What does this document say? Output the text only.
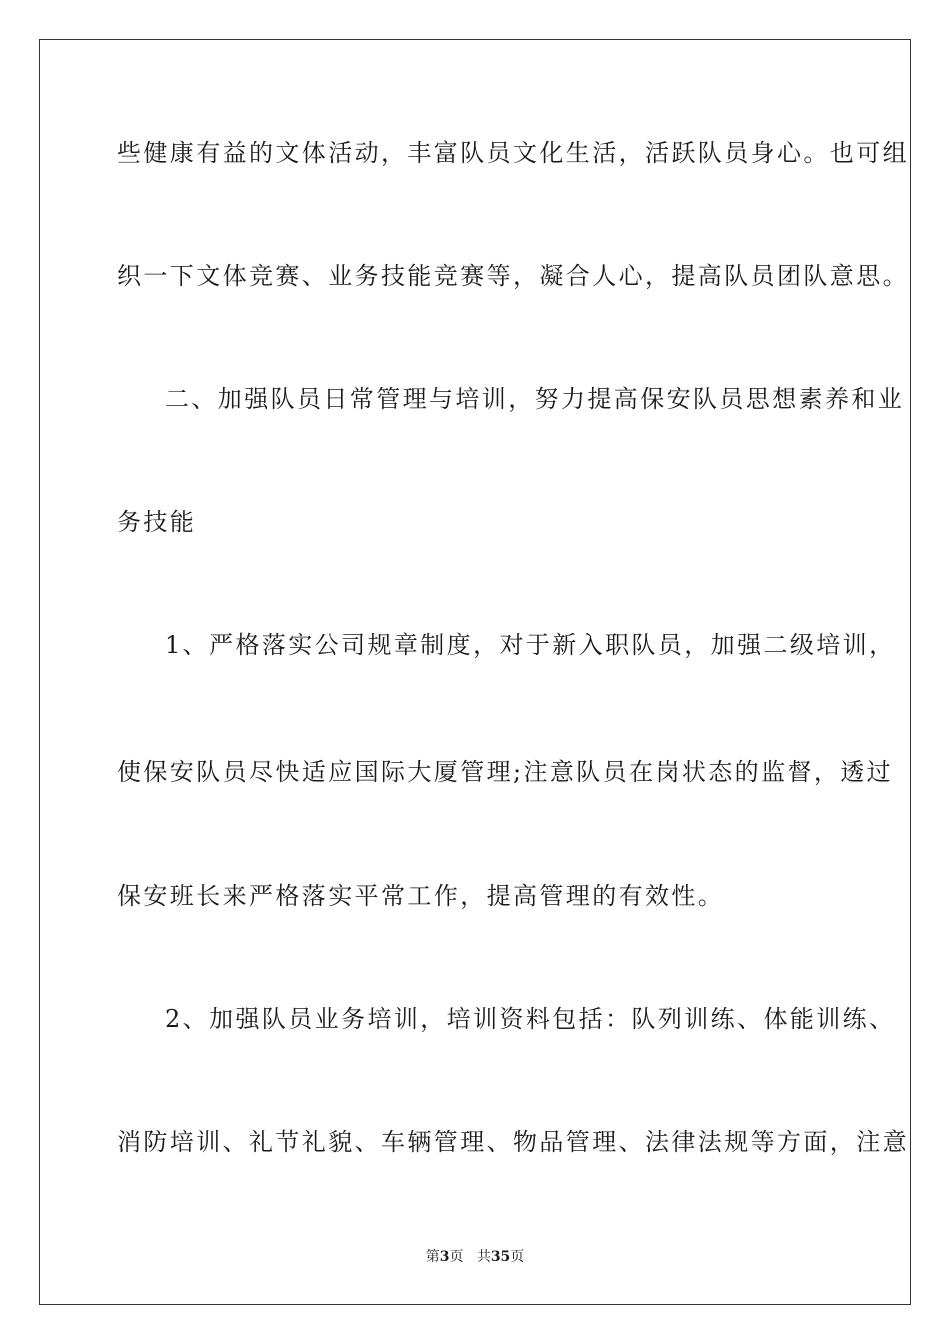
些健康有益的文体活动，丰富队员文化生活，活跃队员身心。也可组

织一下文体竞赛、业务技能竞赛等，凝合人心，提高队员团队意思。

二、加强队员日常管理与培训，努力提高保安队员思想素养和业

务技能

1、严格落实公司规章制度，对于新入职队员，加强二级培训，

使保安队员尽快适应国际大厦管理;注意队员在岗状态的监督，透过

保安班长来严格落实平常工作，提高管理的有效性。

2、加强队员业务培训，培训资料包括：队列训练、体能训练、

消防培训、礼节礼貌、车辆管理、物品管理、法律法规等方面，注意

第3页 共35页
